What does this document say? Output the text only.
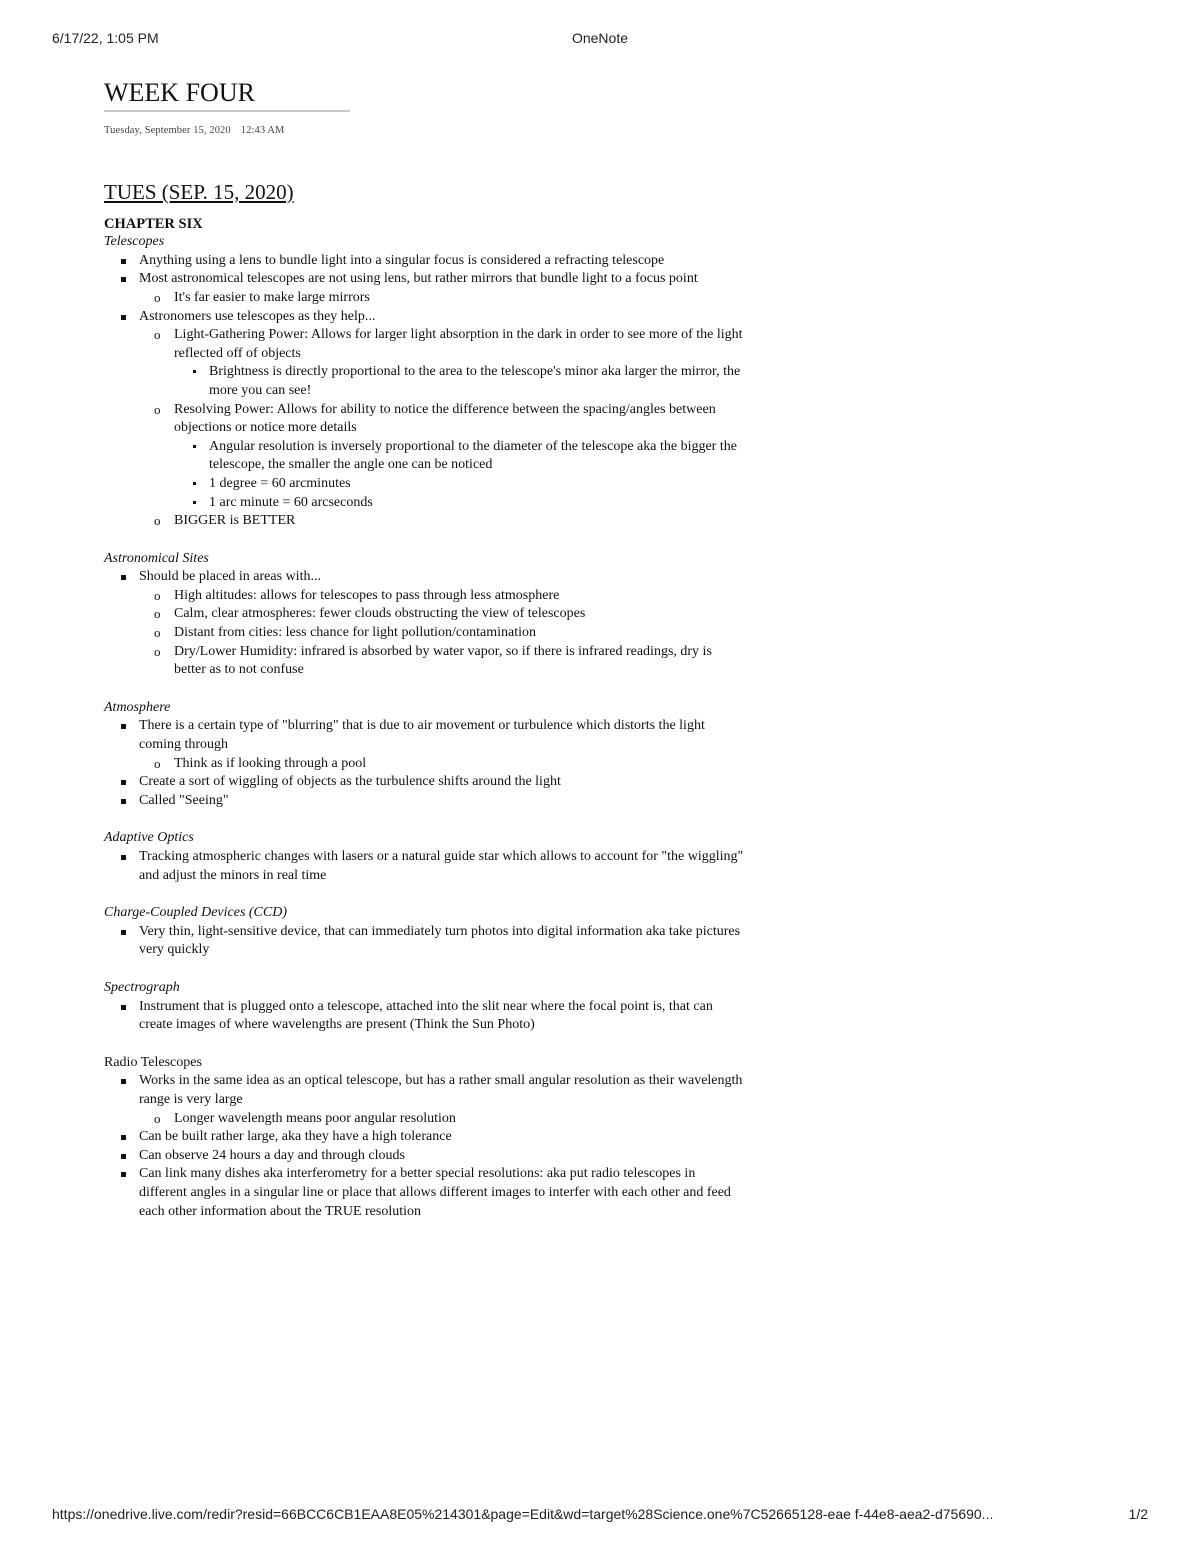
6/17/22, 1:05 PM	OneNote
WEEK FOUR
Tuesday, September 15, 2020 12:43 AM
TUES (SEP. 15, 2020)
CHAPTER SIX
Telescopes
Anything using a lens to bundle light into a singular focus is considered a refracting telescope
Most astronomical telescopes are not using lens, but rather mirrors that bundle light to a focus point
o It's far easier to make large mirrors
Astronomers use telescopes as they help...
o Light-Gathering Power: Allows for larger light absorption in the dark in order to see more of the light reflected off of objects
Brightness is directly proportional to the area to the telescope's minor aka larger the mirror, the more you can see!
o Resolving Power: Allows for ability to notice the difference between the spacing/angles between objections or notice more details
Angular resolution is inversely proportional to the diameter of the telescope aka the bigger the telescope, the smaller the angle one can be noticed
1 degree = 60 arcminutes
1 arc minute = 60 arcseconds
o BIGGER is BETTER
Astronomical Sites
Should be placed in areas with...
o High altitudes: allows for telescopes to pass through less atmosphere
o Calm, clear atmospheres: fewer clouds obstructing the view of telescopes
o Distant from cities: less chance for light pollution/contamination
o Dry/Lower Humidity: infrared is absorbed by water vapor, so if there is infrared readings, dry is better as to not confuse
Atmosphere
There is a certain type of "blurring" that is due to air movement or turbulence which distorts the light coming through
o Think as if looking through a pool
Create a sort of wiggling of objects as the turbulence shifts around the light
Called "Seeing"
Adaptive Optics
Tracking atmospheric changes with lasers or a natural guide star which allows to account for "the wiggling" and adjust the minors in real time
Charge-Coupled Devices (CCD)
Very thin, light-sensitive device, that can immediately turn photos into digital information aka take pictures very quickly
Spectrograph
Instrument that is plugged onto a telescope, attached into the slit near where the focal point is, that can create images of where wavelengths are present (Think the Sun Photo)
Radio Telescopes
Works in the same idea as an optical telescope, but has a rather small angular resolution as their wavelength range is very large
o Longer wavelength means poor angular resolution
Can be built rather large, aka they have a high tolerance
Can observe 24 hours a day and through clouds
Can link many dishes aka interferometry for a better special resolutions: aka put radio telescopes in different angles in a singular line or place that allows different images to interfer with each other and feed each other information about the TRUE resolution
https://onedrive.live.com/redir?resid=66BCC6CB1EAA8E05%214301&page=Edit&wd=target%28Science.one%7C52665128-eae f-44e8-aea2-d75690...	1/2
